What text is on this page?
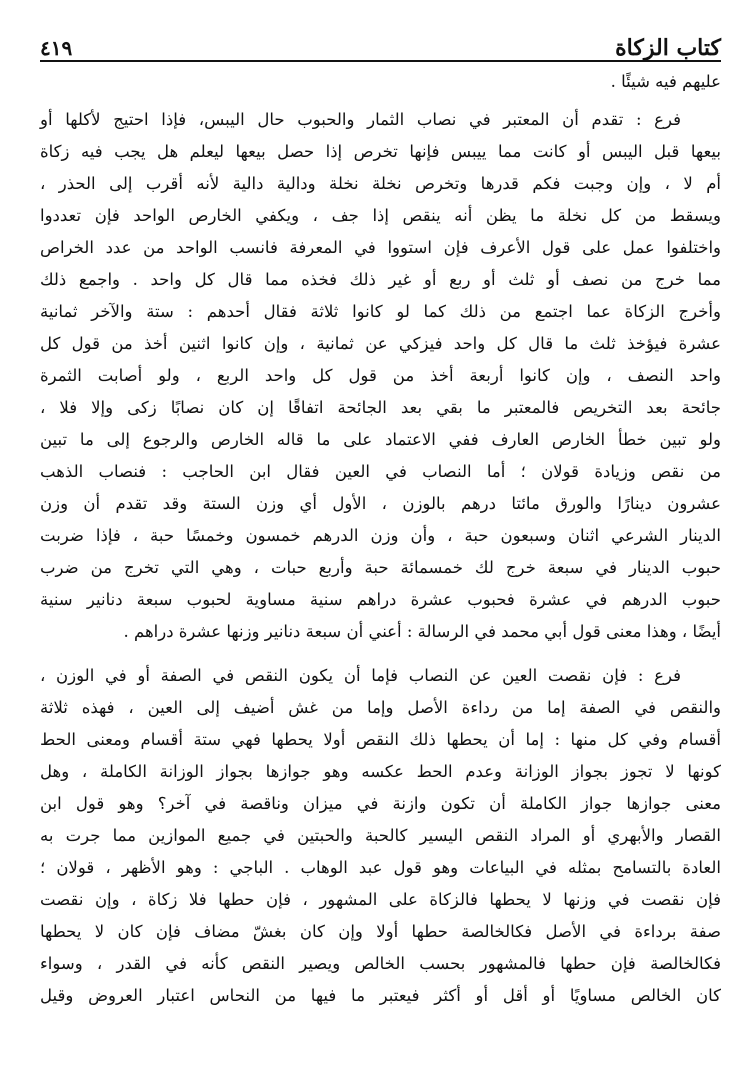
كتاب الزكاة
٤١٩
عليهم فيه شيئًا .
فرع : تقدم أن المعتبر في نصاب الثمار والحبوب حال اليبس، فإذا احتيج لأكلها أو
بيعها قبل اليبس أو كانت مما ييبس فإنها تخرص إذا حصل بيعها ليعلم هل يجب فيه زكاة
أم لا ، وإن وجبت فكم قدرها وتخرص نخلة نخلة ودالية دالية لأنه أقرب إلى الحذر ،
ويسقط من كل نخلة ما يظن أنه ينقص إذا جف ، ويكفي الخارص الواحد فإن تعددوا
واختلفوا عمل على قول الأعرف فإن استووا في المعرفة فانسب الواحد من عدد الخراص
مما خرج من نصف أو ثلث أو ربع أو غير ذلك فخذه مما قال كل واحد . واجمع ذلك
وأخرج الزكاة عما اجتمع من ذلك كما لو كانوا ثلاثة فقال أحدهم : ستة والآخر ثمانية
عشرة فيؤخذ ثلث ما قال كل واحد فيزكي عن ثمانية ، وإن كانوا اثنين أخذ من قول كل
واحد النصف ، وإن كانوا أربعة أخذ من قول كل واحد الربع ، ولو أصابت الثمرة
جائحة بعد التخريص فالمعتبر ما بقي بعد الجائحة اتفاقًا إن كان نصابًا زكى وإلا فلا ،
ولو تبين خطأ الخارص العارف ففي الاعتماد على ما قاله الخارص والرجوع إلى ما تبين
من نقص وزيادة قولان ؛ أما النصاب في العين فقال ابن الحاجب : فنصاب الذهب
عشرون دينارًا والورق مائتا درهم بالوزن ، الأول أي وزن الستة وقد تقدم أن وزن
الدينار الشرعي اثنان وسبعون حبة ، وأن وزن الدرهم خمسون وخمسًا حبة ، فإذا ضربت
حبوب الدينار في سبعة خرج لك خمسمائة حبة وأربع حبات ، وهي التي تخرج من ضرب
حبوب الدرهم في عشرة فحبوب عشرة دراهم سنية مساوية لحبوب سبعة دنانير سنية
أيضًا ، وهذا معنى قول أبي محمد في الرسالة : أعني أن سبعة دنانير وزنها عشرة دراهم .
فرع : فإن نقصت العين عن النصاب فإما أن يكون النقص في الصفة أو في الوزن ،
والنقص في الصفة إما من رداءة الأصل وإما من غش أضيف إلى العين ، فهذه ثلاثة
أقسام وفي كل منها : إما أن يحطها ذلك النقص أولا يحطها فهي ستة أقسام ومعنى الحط
كونها لا تجوز بجواز الوزانة وعدم الحط عكسه وهو جوازها بجواز الوزانة الكاملة ، وهل
معنى جوازها جواز الكاملة أن تكون وازنة في ميزان وناقصة في آخر؟ وهو قول ابن
القصار والأبهري أو المراد النقص اليسير كالحبة والحبتين في جميع الموازين مما جرت به
العادة بالتسامح بمثله في البياعات وهو قول عبد الوهاب . الباجي : وهو الأظهر ، قولان ؛
فإن نقصت في وزنها لا يحطها فالزكاة على المشهور ، فإن حطها فلا زكاة ، وإن نقصت
صفة برداءة في الأصل فكالخالصة حطها أولا وإن كان بغشّ مضاف فإن كان لا يحطها
فكالخالصة فإن حطها فالمشهور بحسب الخالص ويصير النقص كأنه في القدر ، وسواء
كان الخالص مساويًا أو أقل أو أكثر فيعتبر ما فيها من النحاس اعتبار العروض وقيل
